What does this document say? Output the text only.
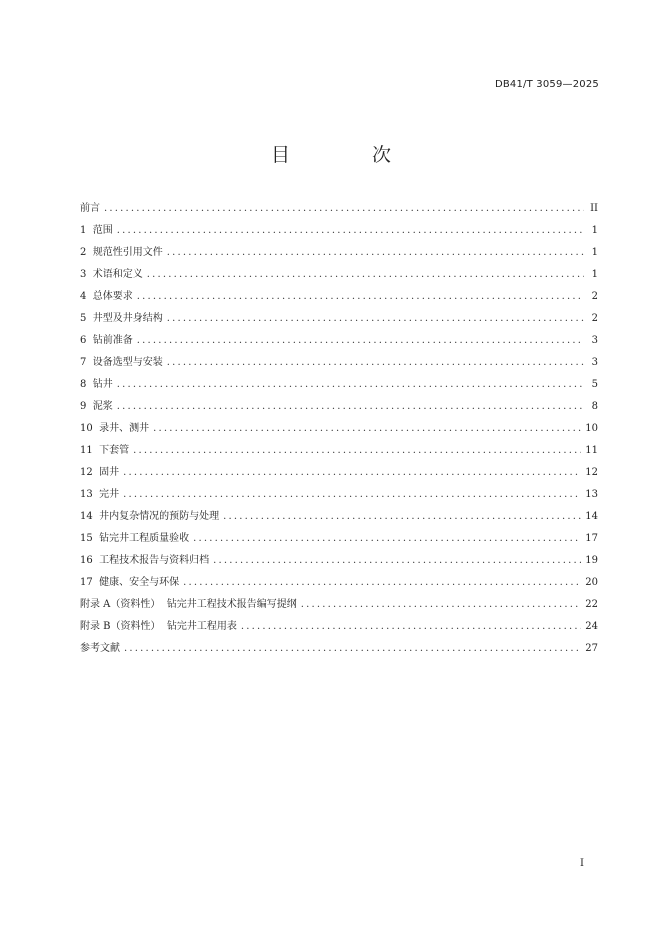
DB41/T 3059—2025
目 次
前言 .....	II
1  范围 .....	1
2  规范性引用文件 .....	1
3  术语和定义 .....	1
4  总体要求 .....	2
5  井型及井身结构 .....	2
6  钻前准备 .....	3
7  设备选型与安装 .....	3
8  钻井 .....	5
9  泥浆 .....	8
10  录井、测井 .....	10
11  下套管 .....	11
12  固井 .....	12
13  完井 .....	13
14  井内复杂情况的预防与处理 .....	14
15  钻完井工程质量验收 .....	17
16  工程技术报告与资料归档 .....	19
17  健康、安全与环保 .....	20
附录 A（资料性）  钻完井工程技术报告编写提纲 .....	22
附录 B（资料性）  钻完井工程用表 .....	24
参考文献 .....	27
I
